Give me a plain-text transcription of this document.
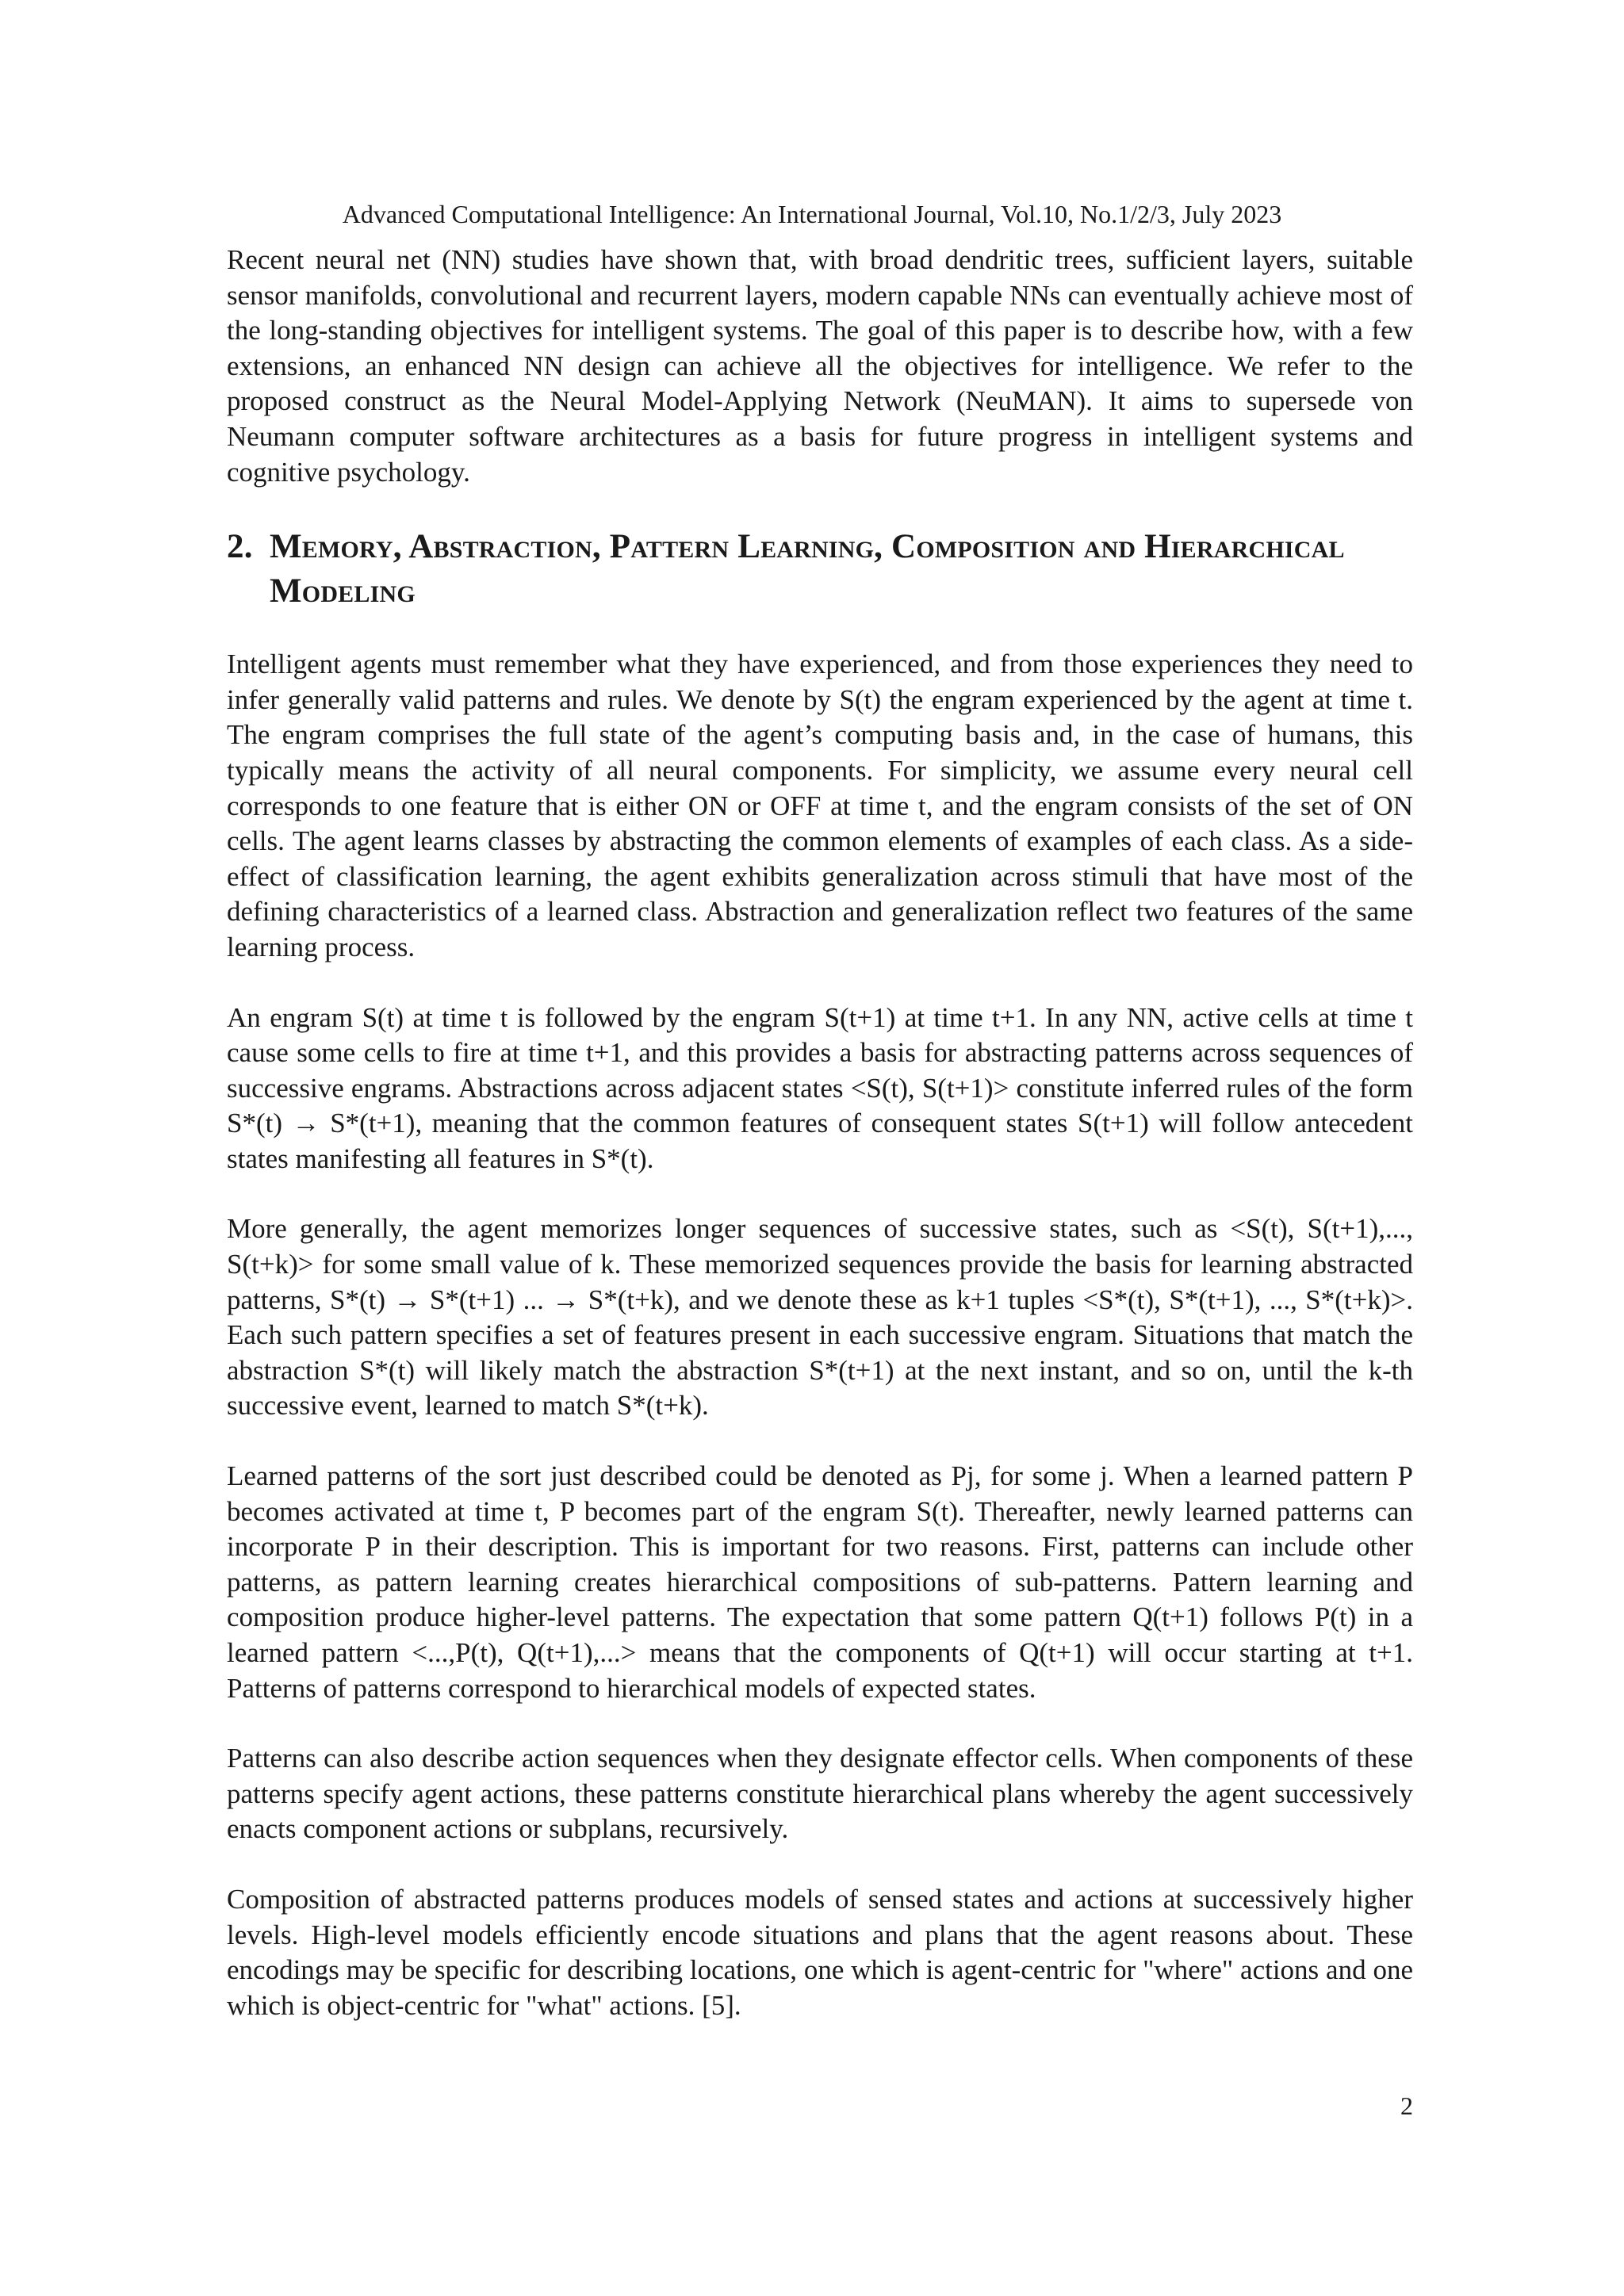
Advanced Computational Intelligence: An International Journal, Vol.10, No.1/2/3, July 2023

Recent neural net (NN) studies have shown that, with broad dendritic trees, sufficient layers, suitable sensor manifolds, convolutional and recurrent layers, modern capable NNs can eventually achieve most of the long-standing objectives for intelligent systems. The goal of this paper is to describe how, with a few extensions, an enhanced NN design can achieve all the objectives for intelligence. We refer to the proposed construct as the Neural Model-Applying Network (NeuMAN). It aims to supersede von Neumann computer software architectures as a basis for future progress in intelligent systems and cognitive psychology.

2. Memory, Abstraction, Pattern Learning, Composition and Hierarchical Modeling

Intelligent agents must remember what they have experienced, and from those experiences they need to infer generally valid patterns and rules. We denote by S(t) the engram experienced by the agent at time t. The engram comprises the full state of the agent’s computing basis and, in the case of humans, this typically means the activity of all neural components. For simplicity, we assume every neural cell corresponds to one feature that is either ON or OFF at time t, and the engram consists of the set of ON cells. The agent learns classes by abstracting the common elements of examples of each class. As a side-effect of classification learning, the agent exhibits generalization across stimuli that have most of the defining characteristics of a learned class. Abstraction and generalization reflect two features of the same learning process.

An engram S(t) at time t is followed by the engram S(t+1) at time t+1. In any NN, active cells at time t cause some cells to fire at time t+1, and this provides a basis for abstracting patterns across sequences of successive engrams. Abstractions across adjacent states <S(t), S(t+1)> constitute inferred rules of the form S*(t) → S*(t+1), meaning that the common features of consequent states S(t+1) will follow antecedent states manifesting all features in S*(t).

More generally, the agent memorizes longer sequences of successive states, such as <S(t), S(t+1),..., S(t+k)> for some small value of k. These memorized sequences provide the basis for learning abstracted patterns, S*(t) → S*(t+1) ... → S*(t+k), and we denote these as k+1 tuples <S*(t), S*(t+1), ..., S*(t+k)>. Each such pattern specifies a set of features present in each successive engram. Situations that match the abstraction S*(t) will likely match the abstraction S*(t+1) at the next instant, and so on, until the k-th successive event, learned to match S*(t+k).

Learned patterns of the sort just described could be denoted as Pj, for some j. When a learned pattern P becomes activated at time t, P becomes part of the engram S(t). Thereafter, newly learned patterns can incorporate P in their description. This is important for two reasons. First, patterns can include other patterns, as pattern learning creates hierarchical compositions of sub-patterns. Pattern learning and composition produce higher-level patterns. The expectation that some pattern Q(t+1) follows P(t) in a learned pattern <...,P(t), Q(t+1),...> means that the components of Q(t+1) will occur starting at t+1. Patterns of patterns correspond to hierarchical models of expected states.

Patterns can also describe action sequences when they designate effector cells. When components of these patterns specify agent actions, these patterns constitute hierarchical plans whereby the agent successively enacts component actions or subplans, recursively.

Composition of abstracted patterns produces models of sensed states and actions at successively higher levels. High-level models efficiently encode situations and plans that the agent reasons about. These encodings may be specific for describing locations, one which is agent-centric for "where" actions and one which is object-centric for "what" actions. [5].

2
